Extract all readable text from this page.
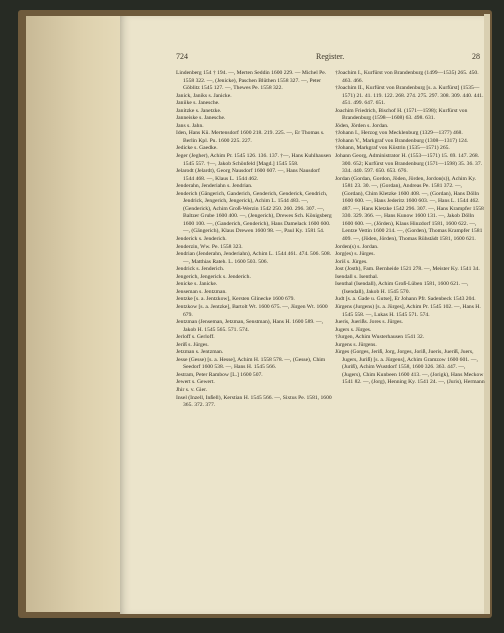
724	Register.	28

Lindenberg 154 † 194. —, Merten Seddin 1600 229. — Michel Pe. 1558 322. —, (Jenicke), Paschen Blüthen 1558 327. —, Peter Göblitz 1545 127. —, Thewes Pe. 1558 322.

Janick, Janiks s. Janicke.

Janiike s. Janesche.

Janitzke s. Janetzke.

Janneiske s. Janesche.

Jans s. Jahn.

Iden, Hans Kü. Mertensdorf 1600 218. 219. 225. —, Er Thomas s. Berlin Kpl. Pu. 1600 225. 227.

Jedicke s. Gaedke.

Jeger (Jegher), Achim Pr. 1545 126. 136. 137. †—, Hans Kuhlhausen 1545 557. †—, Jakob Schönfeld [Magd.] 1545 558.

Jelarodt (Jelardt), Georg Nausdorf 1600 607. —, Hans Nausdorf 1544 468. —, Klaus L. 1544 462.

Jenderahn, Jenderiahn s. Jendrian.

Jenderich (Gängerich, Ganderich, Genderich, Genderick, Gendrich, Jendrick, Jengerich, Jengerick), Achim L. 1544 483. —, (Genderick), Achim Groß-Werzin 1542 250. 260. 296. 307. —, Baltzer Grube 1600 400. —, (Jengerich), Drewes Sch. Königsberg 1600 100. —, (Ganderich, Genderich), Hans Damelack 1600 600. —, (Gängerich), Klaus Drewen 1600 98. —, Paul Ky. 1581 54.

Jenderick s. Jenderich.

Jenderzin, Ww. Pe. 1558 323.

Jendrian (Jenderahn, Jenderiahn), Achim L. 1544 461. 474. 506. 508. —, Matthias Rateh. L. 1600 503. 506.

Jendrick s. Jenderich.

Jengerich, Jengerick s. Jenderich.

Jenicke s. Janicke.

Jenseman s. Jentzman.

Jentzke [s. a. Jentzkow], Kersten Glinecke 1600 679.

Jentzkow [s. a. Jentzke], Bartolt Wt. 1600 675. —, Jürgen Wt. 1600 679.

Jentzman (Jenseman, Jetzman, Senstman), Hans H. 1600 589. —, Jakob H. 1545 565. 571. 574.

Jerloff s. Gerloff.

Jeriß s. Jürges.

Jetzman s. Jentzman.

Jesse (Gesse) [s. a. Hesse], Achim H. 1558 578. —, (Gesse), Chim Seedorf 1600 538. —, Hans H. 1545 566.

Jestram, Peter Rambow [L.] 1600 507.

Jewert s. Gewert.

Jhir s. v. Gier.

Insel (Inzell, Inßell), Kerstian H. 1545 566. —, Sixtus Pe. 1581, 1600 365. 372. 377.

†Joachim I., Kurfürst von Brandenburg (1499—1535) 265. 450. 463. 466.

†Joachim II., Kurfürst von Brandenburg [s. a. Kurfürst] (1535—1571) 21. 41. 119. 122. 268. 274. 275. 297. 308. 309. 440. 441. 451. 499. 647. 651.

Joachim Friedrich, Bischof H. (1571—1598); Kurfürst von Brandenburg (1598—1608) 63. 498. 631.

Jöden, Jörden s. Jordan.

†Johann I., Herzog von Mecklenburg (1329—1377) 468.

†Johann V., Markgraf von Brandenburg (1308—1317) 124.

†Johann, Markgraf von Küstrin (1535—1571) 265.

Johann Georg, Administrator H. (1553—1571) 15. 69. 147. 268. 300. 652; Kurfürst von Brandenburg (1571—1598) 35. 36. 37. 334. 440. 597. 650. 653. 676.

Jordan (Gordan, Gordon, Jöden, Jörden, Jordon(s)), Achim Ky. 1581 23. 30. —, (Gordan), Andreas Pe. 1581 372. —, (Gordan), Chim Kletzke 1600 408. —, (Gordan), Hans Dölln 1600 600. —, Hans Jederitz 1600 603. —, Hans L. 1544 462. 487. —, Hans Kletzke 1542 296. 307. —, Hans Krampfer 1558 330. 329. 366. —, Hans Kunow 1600 131. —, Jakob Dölln 1600 600. —, (Jörden), Klaus Hinzdorf 1581, 1600 622. —, Lentze Vettin 1600 214. —, (Gorden), Thomas Krampfer 1581 409. —, (Jöden, Jörden), Thomas Rühstädt 1581, 1600 621.

Jorden(s) s. Jordan.

Jorg(es) s. Jürges.

Joriš s. Jürges.

Jost (Josth), Fam. Bernheide 1521 278. —, Meister Ky. 1541 34.

Isendall s. Isenthal.

Isenthal (Isendall), Achim Groß-Lüben 1581, 1600 621. —, (Isendall), Jakob H. 1545 570.

Judt [s. a. Gade u. Gutse], Er Johann Pfr. Sadenbeck 1543 204.

Jürgens (Jurgens) [s. a. Jürges], Achim Pr. 1545 102. —, Hans H. 1545 558. —, Lukas H. 1545 571. 574.

Jueris, Juerißs. Jores s. Jürges.

Jugers s. Jürges.

†Jurgen, Achim Wusterhausen 1541 32.

Jurgens s. Jürgens.

Jürges (Gorges, Jeriß, Jorg, Jorges, Joriß, Jueris, Jueriß, Juers, Jugers, Juriß) [s. a. Jürgens], Achim Gramzow 1600 601. —, (Juriß), Achim Wustdorf 1558, 1600 326. 363. 447. —, (Jugers), Chim Kunbeen 1600 413. —, (Jorigk), Hans Meckow 1541 82. —, (Jorg), Henning Ky. 1541 24. —, (Juris), Hermann
